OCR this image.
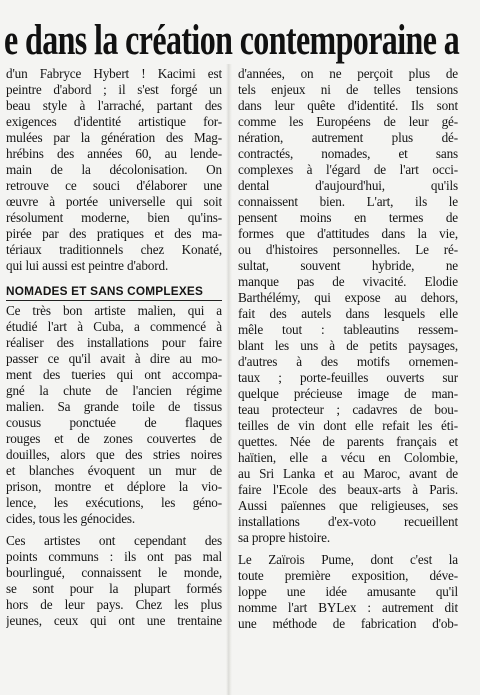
e dans la création contemporaine a
d'un Fabryce Hybert ! Kacimi est
peintre d'abord ; il s'est forgé un
beau style à l'arraché, partant des
exigences d'identité artistique for-
mulées par la génération des Mag-
hrébins des années 60, au lende-
main de la décolonisation. On
retrouve ce souci d'élaborer une
œuvre à portée universelle qui soit
résolument moderne, bien qu'ins-
pirée par des pratiques et des ma-
tériaux traditionnels chez Konaté,
qui lui aussi est peintre d'abord.
NOMADES ET SANS COMPLEXES
Ce très bon artiste malien, qui a
étudié l'art à Cuba, a commencé à
réaliser des installations pour faire
passer ce qu'il avait à dire au mo-
ment des tueries qui ont accompa-
gné la chute de l'ancien régime
malien. Sa grande toile de tissus
cousus ponctuée de flaques
rouges et de zones couvertes de
douilles, alors que des stries noires
et blanches évoquent un mur de
prison, montre et déplore la vio-
lence, les exécutions, les géno-
cides, tous les génocides.
Ces artistes ont cependant des
points communs : ils ont pas mal
bourlingué, connaissent le monde,
se sont pour la plupart formés
hors de leur pays. Chez les plus
jeunes, ceux qui ont une trentaine
d'années, on ne perçoit plus de
tels enjeux ni de telles tensions
dans leur quête d'identité. Ils sont
comme les Européens de leur gé-
nération, autrement plus dé-
contractés, nomades, et sans
complexes à l'égard de l'art occi-
dental d'aujourd'hui, qu'ils
connaissent bien. L'art, ils le
pensent moins en termes de
formes que d'attitudes dans la vie,
ou d'histoires personnelles. Le ré-
sultat, souvent hybride, ne
manque pas de vivacité. Elodie
Barthélémy, qui expose au dehors,
fait des autels dans lesquels elle
mêle tout : tableautins ressem-
blant les uns à de petits paysages,
d'autres à des motifs ornemen-
taux ; porte-feuilles ouverts sur
quelque précieuse image de man-
teau protecteur ; cadavres de bou-
teilles de vin dont elle refait les éti-
quettes. Née de parents français et
haïtien, elle a vécu en Colombie,
au Sri Lanka et au Maroc, avant de
faire l'Ecole des beaux-arts à Paris.
Aussi païennes que religieuses, ses
installations d'ex-voto recueillent
sa propre histoire.
Le Zaïrois Pume, dont c'est la
toute première exposition, déve-
loppe une idée amusante qu'il
nomme l'art BYLex : autrement dit
une méthode de fabrication d'ob-
